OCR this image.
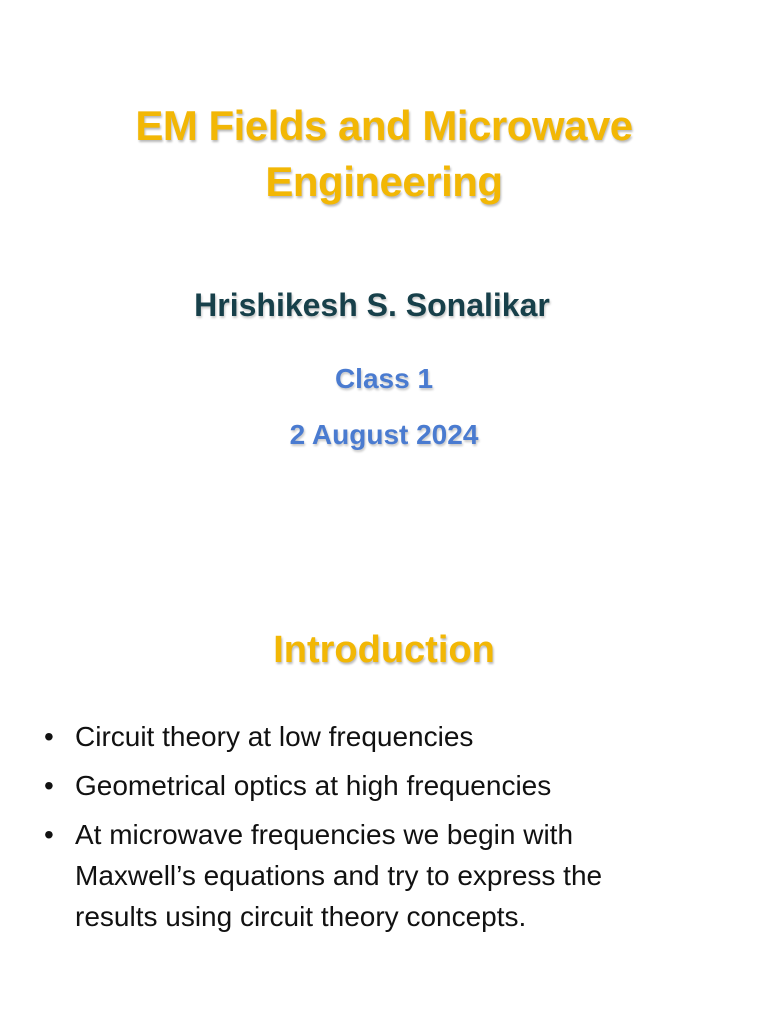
EM Fields and Microwave
Engineering
Hrishikesh S. Sonalikar
Class 1
2 August 2024
Introduction
• Circuit theory at low frequencies
• Geometrical optics at high frequencies
• At microwave frequencies we begin with
Maxwell’s equations and try to express the
results using circuit theory concepts.
